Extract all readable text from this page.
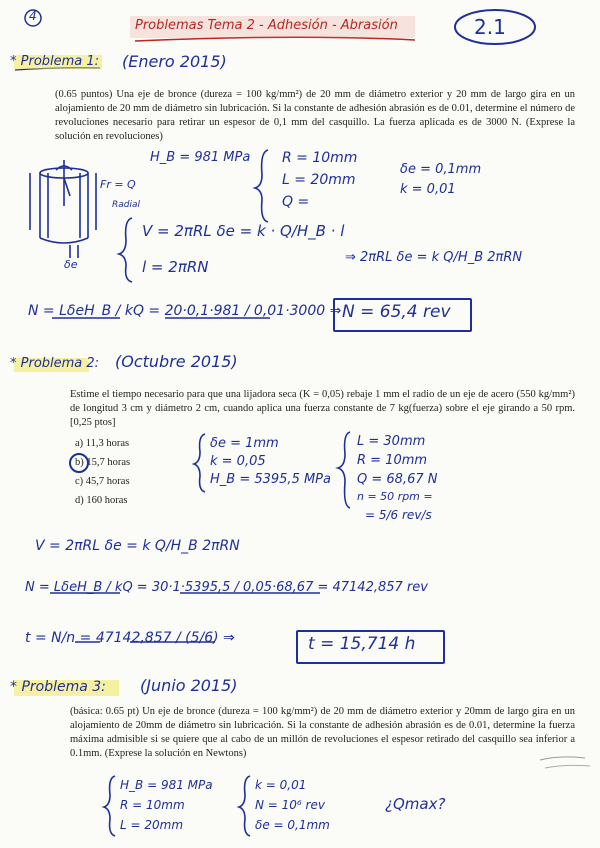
4
Problemas Tema 2 - Adhesión - Abrasión	2.1
* Problema 1: (Enero 2015)
(0.65 puntos) Una eje de bronce (dureza = 100 kg/mm²) de 20 mm de diámetro exterior y 20 mm de largo gira en un alojamiento de 20 mm de diámetro sin lubricación. Si la constante de adhesión abrasión es de 0.01, determine el número de revoluciones necesario para retirar un espesor de 0,1 mm del casquillo. La fuerza aplicada es de 3000 N. (Exprese la solución en revoluciones)
H_B = 981 MPa R = 10mm
L = 20mm
Q =
δe = 0,1mm
k = 0,01
Fr = Q
Radial
δe
V = 2πRL δe = k · Q/H_B · l
l = 2πRN
⇒ 2πRL δe = k Q/H_B 2πRN
N = LδeH_B / kQ = 20·0,1·981 / 0,01·3000 ⇒ N = 65,4 rev
* Problema 2: (Octubre 2015)
Estime el tiempo necesario para que una lijadora seca (K = 0,05) rebaje 1 mm el radio de un eje de acero (550 kg/mm²) de longitud 3 cm y diámetro 2 cm, cuando aplica una fuerza constante de 7 kg(fuerza) sobre el eje girando a 50 rpm. [0,25 ptos]
a) 11,3 horas
b) 15,7 horas
c) 45,7 horas
d) 160 horas
δe = 1mm
k = 0,05
H_B = 5395,5 MPa
L = 30mm
R = 10mm
Q = 68,67 N
n = 50 rpm =
= 5/6 rev/s
V = 2πRL δe = k Q/H_B 2πRN
N = LδeH_B / kQ = 30·1·5395,5 / 0,05·68,67 = 47142,857 rev
t = N/n = 47142,857 / (5/6) ⇒	t = 15,714 h
* Problema 3: (Junio 2015)
(básica: 0.65 pt) Un eje de bronce (dureza = 100 kg/mm²) de 20 mm de diámetro exterior y 20mm de largo gira en un alojamiento de 20mm de diámetro sin lubricación. Si la constante de adhesión abrasión es de 0.01, determine la fuerza máxima admisible si se quiere que al cabo de un millón de revoluciones el espesor retirado del casquillo sea inferior a 0.1mm. (Exprese la solución en Newtons)
H_B = 981 MPa
R = 10mm
L = 20mm
k = 0,01
N = 10⁶ rev
δe = 0,1mm
¿Qmax?
